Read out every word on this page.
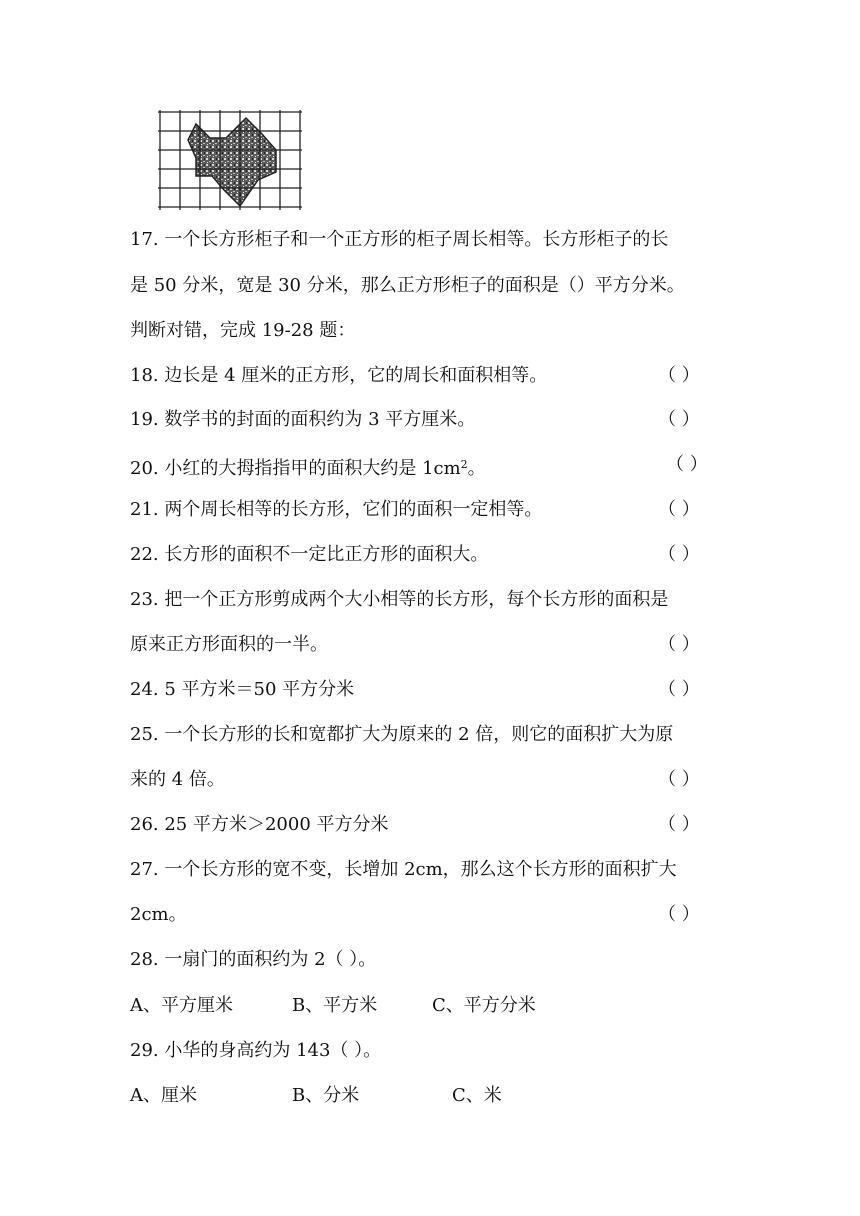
17. 一个长方形柜子和一个正方形的柜子周长相等。长方形柜子的长
是 50 分米，宽是 30 分米，那么正方形柜子的面积是（）平方分米。
判断对错，完成 19-28 题：
18. 边长是 4 厘米的正方形，它的周长和面积相等。	（ ）
19. 数学书的封面的面积约为 3 平方厘米。	（ ）
20. 小红的大拇指指甲的面积大约是 $1cm^2$。	（ ）
21. 两个周长相等的长方形，它们的面积一定相等。	（ ）
22. 长方形的面积不一定比正方形的面积大。	（ ）
23. 把一个正方形剪成两个大小相等的长方形，每个长方形的面积是
原来正方形面积的一半。	（ ）
24. 5 平方米＝50 平方分米	（ ）
25. 一个长方形的长和宽都扩大为原来的 2 倍，则它的面积扩大为原
来的 4 倍。	（ ）
26. 25 平方米＞2000 平方分米	（ ）
27. 一个长方形的宽不变，长增加 2cm，那么这个长方形的面积扩大
2cm。	（ ）
28. 一扇门的面积约为 2（ ）。
A、平方厘米	B、平方米	C、平方分米
29. 小华的身高约为 143（ ）。
A、厘米	B、分米	C、米
